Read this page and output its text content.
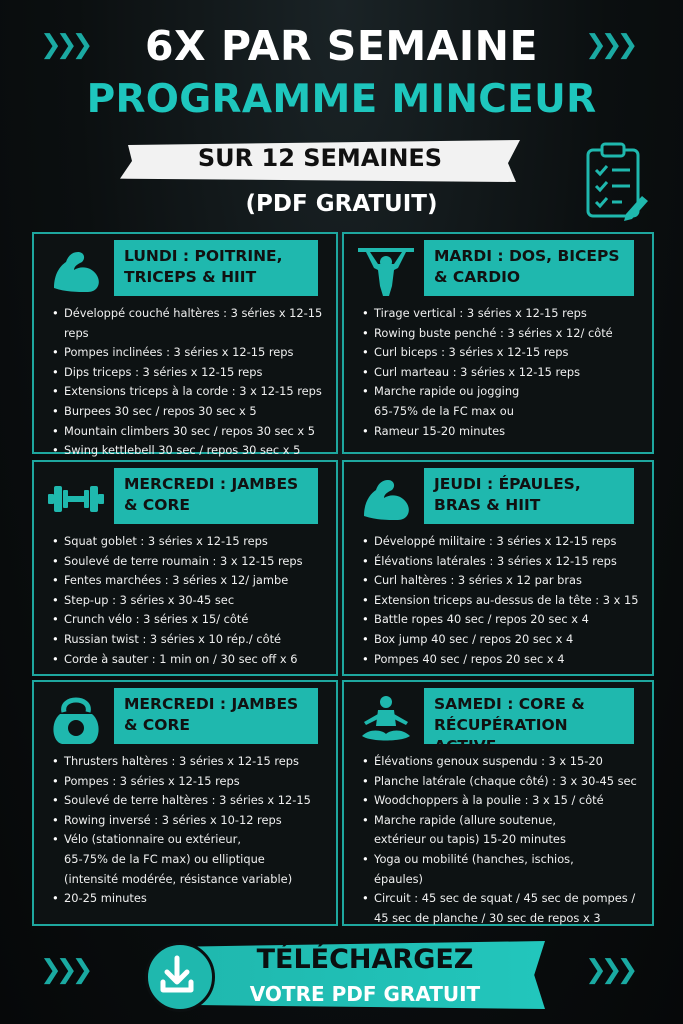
❯❯❯	❯❯❯
6X PAR SEMAINE
PROGRAMME MINCEUR
SUR 12 SEMAINES
(PDF GRATUIT)
LUNDI : POITRINE, TRICEPS & HIIT
• Développé couché haltères : 3 séries x 12-15 reps
• Pompes inclinées : 3 séries x 12-15 reps
• Dips triceps : 3 séries x 12-15 reps
• Extensions triceps à la corde : 3 x 12-15 reps
• Burpees 30 sec / repos 30 sec x 5
• Mountain climbers 30 sec / repos 30 sec x 5
• Swing kettlebell 30 sec / repos 30 sec x 5
MARDI : DOS, BICEPS & CARDIO
• Tirage vertical : 3 séries x 12-15 reps
• Rowing buste penché : 3 séries x 12/ côté
• Curl biceps : 3 séries x 12-15 reps
• Curl marteau : 3 séries x 12-15 reps
• Marche rapide ou jogging
65-75% de la FC max ou
• Rameur 15-20 minutes
MERCREDI : JAMBES & CORE
• Squat goblet : 3 séries x 12-15 reps
• Soulevé de terre roumain : 3 x 12-15 reps
• Fentes marchées : 3 séries x 12/ jambe
• Step-up : 3 séries x 30-45 sec
• Crunch vélo : 3 séries x 15/ côté
• Russian twist : 3 séries x 10 rép./ côté
• Corde à sauter : 1 min on / 30 sec off x 6
JEUDI : ÉPAULES, BRAS & HIIT
• Développé militaire : 3 séries x 12-15 reps
• Élévations latérales : 3 séries x 12-15 reps
• Curl haltères : 3 séries x 12 par bras
• Extension triceps au-dessus de la tête : 3 x 15
• Battle ropes 40 sec / repos 20 sec x 4
• Box jump 40 sec / repos 20 sec x 4
• Pompes 40 sec / repos 20 sec x 4
MERCREDI : JAMBES & CORE
• Thrusters haltères : 3 séries x 12-15 reps
• Pompes : 3 séries x 12-15 reps
• Soulevé de terre haltères : 3 séries x 12-15
• Rowing inversé : 3 séries x 10-12 reps
• Vélo (stationnaire ou extérieur,
65-75% de la FC max) ou elliptique
(intensité modérée, résistance variable)
• 20-25 minutes
SAMEDI : CORE & RÉCUPÉRATION ACTIVE
• Élévations genoux suspendu : 3 x 15-20
• Planche latérale (chaque côté) : 3 x 30-45 sec
• Woodchoppers à la poulie : 3 x 15 / côté
• Marche rapide (allure soutenue,
extérieur ou tapis) 15-20 minutes
• Yoga ou mobilité (hanches, ischios,
épaules)
• Circuit : 45 sec de squat / 45 sec de pompes /
45 sec de planche / 30 sec de repos x 3
❯❯❯	❯❯❯
TÉLÉCHARGEZ
VOTRE PDF GRATUIT
